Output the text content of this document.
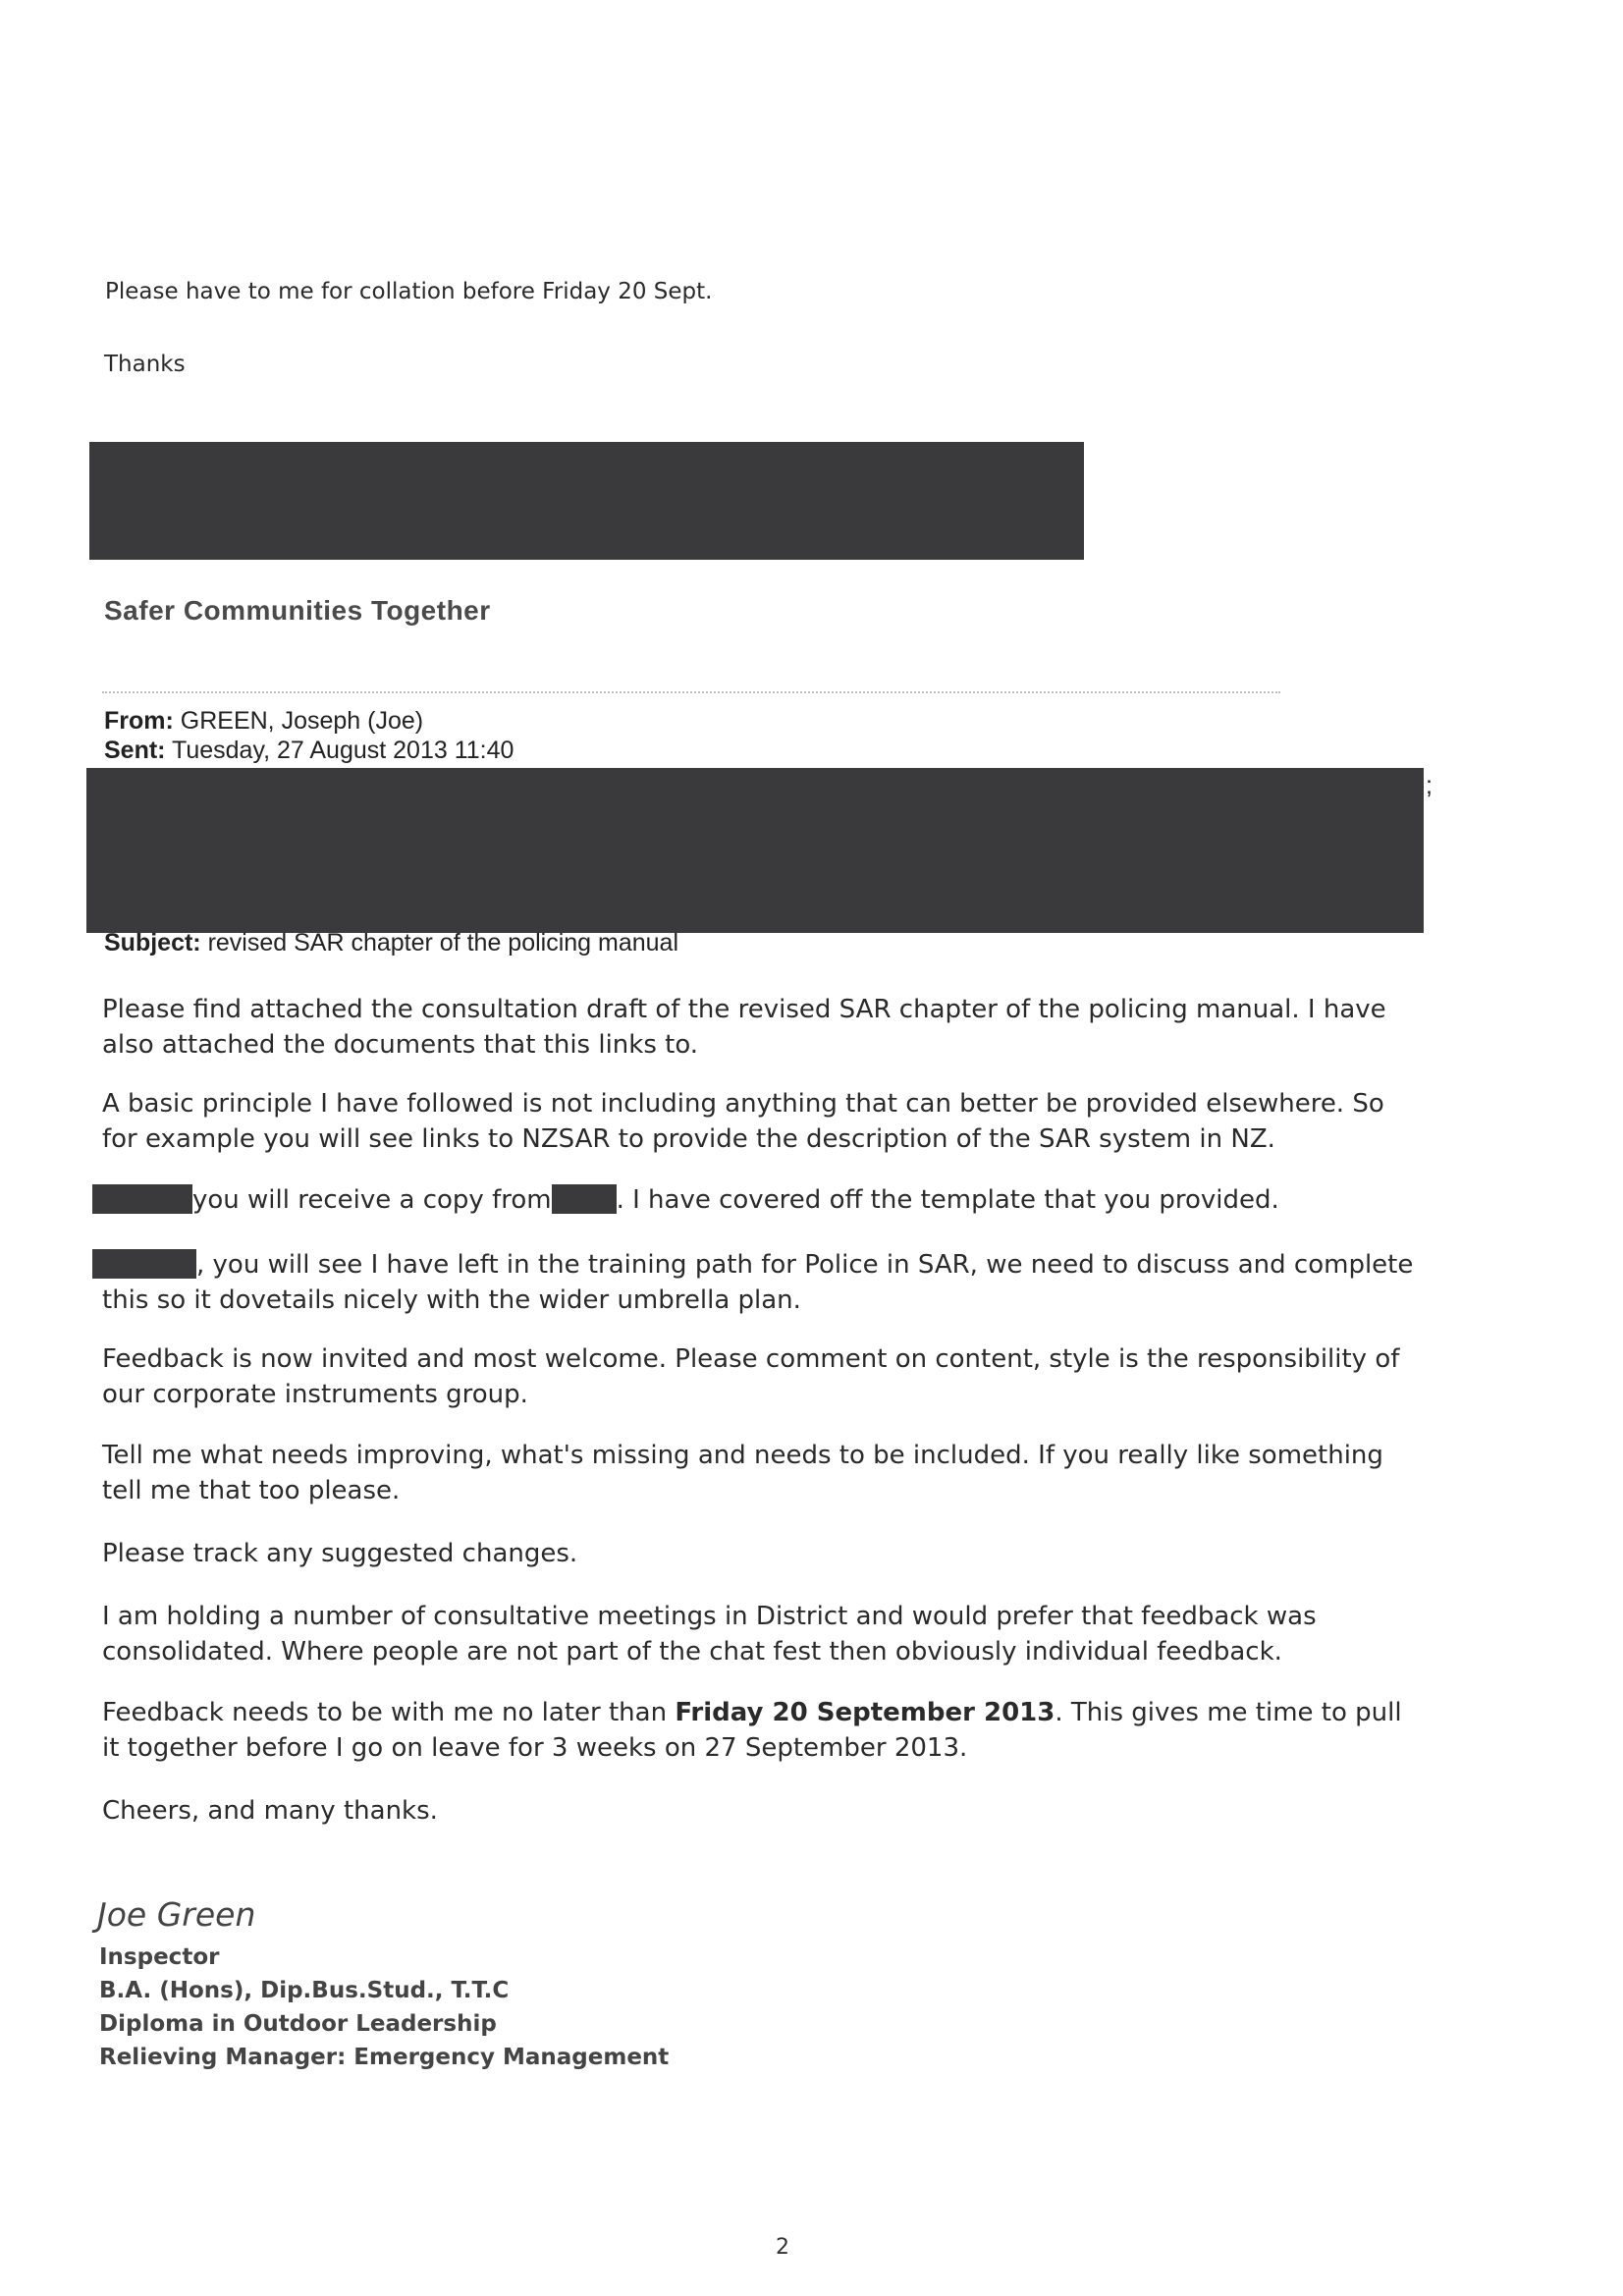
Please have to me for collation before Friday 20 Sept.
Thanks
Safer Communities Together
From: GREEN, Joseph (Joe)
Sent: Tuesday, 27 August 2013 11:40
;
Subject: revised SAR chapter of the policing manual
Please find attached the consultation draft of the revised SAR chapter of the policing manual. I have
also attached the documents that this links to.
A basic principle I have followed is not including anything that can better be provided elsewhere. So
for example you will see links to NZSAR to provide the description of the SAR system in NZ.
you will receive a copy from	. I have covered off the template that you provided.
, you will see I have left in the training path for Police in SAR, we need to discuss and complete
this so it dovetails nicely with the wider umbrella plan.
Feedback is now invited and most welcome. Please comment on content, style is the responsibility of
our corporate instruments group.
Tell me what needs improving, what's missing and needs to be included. If you really like something
tell me that too please.
Please track any suggested changes.
I am holding a number of consultative meetings in District and would prefer that feedback was
consolidated. Where people are not part of the chat fest then obviously individual feedback.
Feedback needs to be with me no later than Friday 20 September 2013. This gives me time to pull
it together before I go on leave for 3 weeks on 27 September 2013.
Cheers, and many thanks.
Joe Green
Inspector
B.A. (Hons), Dip.Bus.Stud., T.T.C
Diploma in Outdoor Leadership
Relieving Manager: Emergency Management
2
